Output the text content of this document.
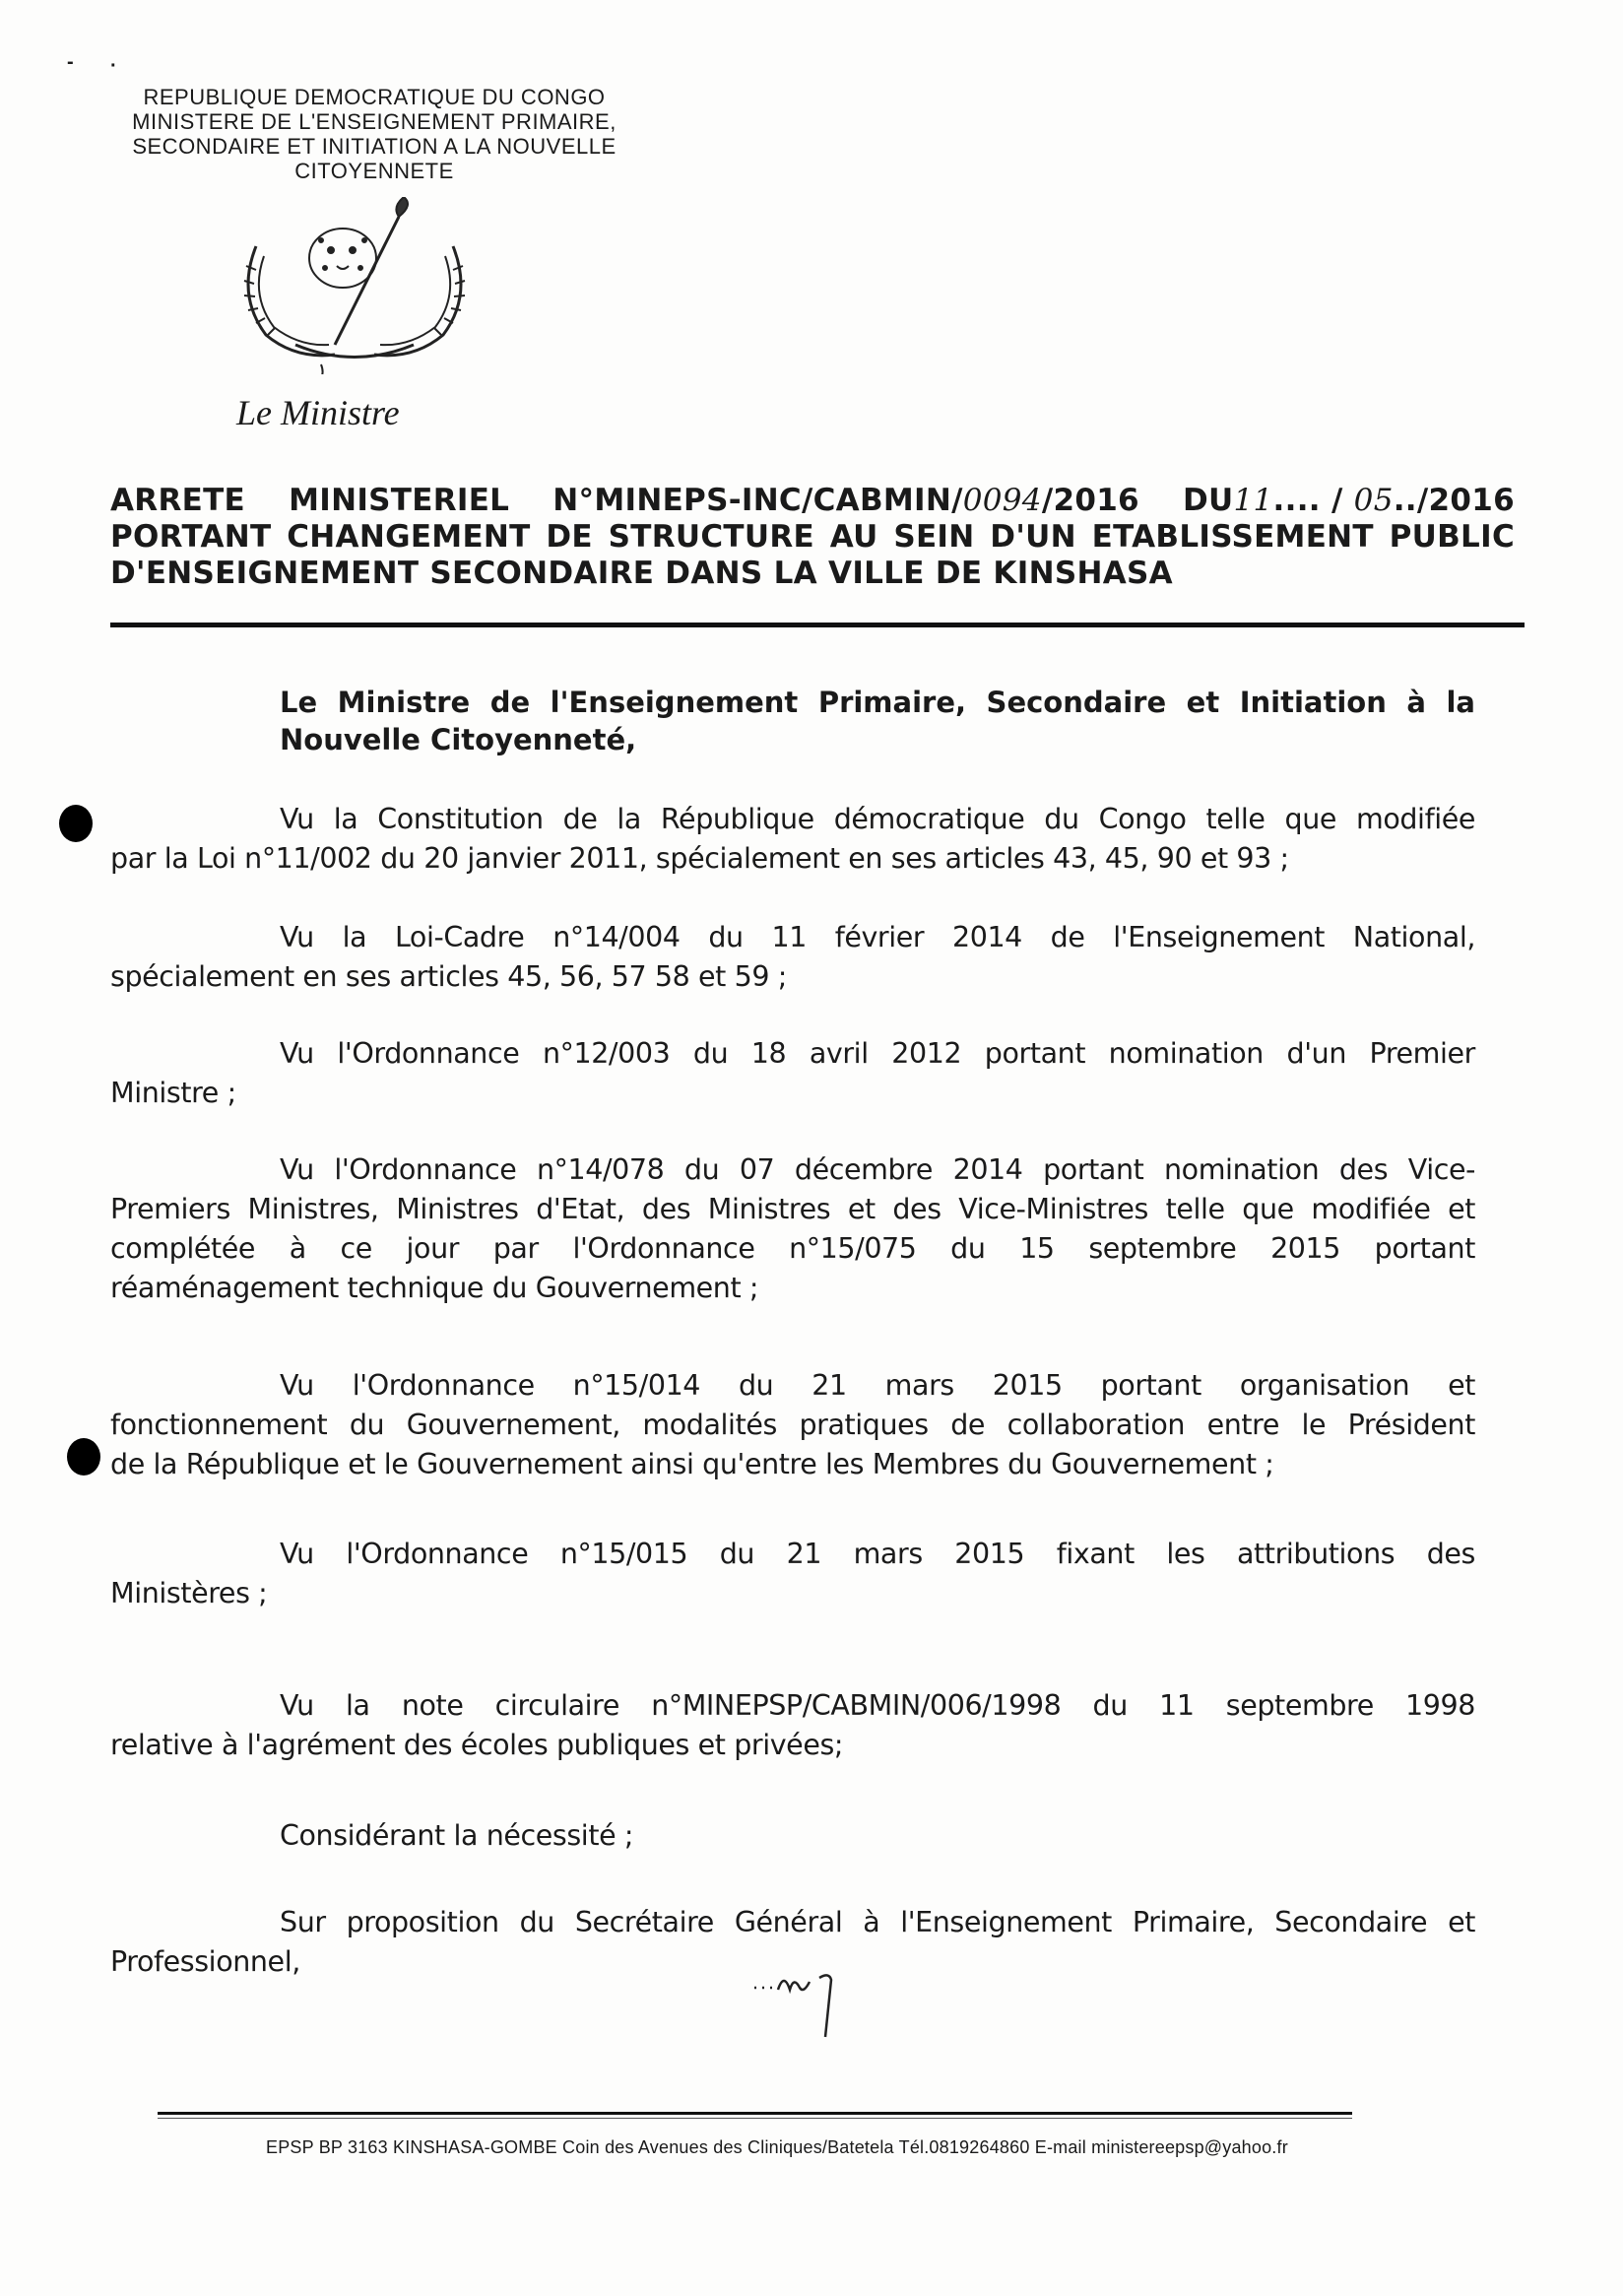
- ·
REPUBLIQUE DEMOCRATIQUE DU CONGO
MINISTERE DE L'ENSEIGNEMENT PRIMAIRE,
SECONDAIRE ET INITIATION A LA NOUVELLE
CITOYENNETE
Le Ministre
ARRETE MINISTERIEL N°MINEPS-INC/CABMIN/0094/2016 DU11.... / 05../2016
PORTANT CHANGEMENT DE STRUCTURE AU SEIN D'UN ETABLISSEMENT PUBLIC
D'ENSEIGNEMENT SECONDAIRE DANS LA VILLE DE KINSHASA
Le Ministre de l'Enseignement Primaire, Secondaire et Initiation à la
Nouvelle Citoyenneté,
Vu la Constitution de la République démocratique du Congo telle que modifiée
par la Loi n°11/002 du 20 janvier 2011, spécialement en ses articles 43, 45, 90 et 93 ;
Vu la Loi-Cadre n°14/004 du 11 février 2014 de l'Enseignement National,
spécialement en ses articles 45, 56, 57 58 et 59 ;
Vu l'Ordonnance n°12/003 du 18 avril 2012 portant nomination d'un Premier
Ministre ;
Vu l'Ordonnance n°14/078 du 07 décembre 2014 portant nomination des Vice-
Premiers Ministres, Ministres d'Etat, des Ministres et des Vice-Ministres telle que modifiée et
complétée à ce jour par l'Ordonnance n°15/075 du 15 septembre 2015 portant
réaménagement technique du Gouvernement ;
Vu l'Ordonnance n°15/014 du 21 mars 2015 portant organisation et
fonctionnement du Gouvernement, modalités pratiques de collaboration entre le Président
de la République et le Gouvernement ainsi qu'entre les Membres du Gouvernement ;
Vu l'Ordonnance n°15/015 du 21 mars 2015 fixant les attributions des
Ministères ;
Vu la note circulaire n°MINEPSP/CABMIN/006/1998 du 11 septembre 1998
relative à l'agrément des écoles publiques et privées;
Considérant la nécessité ;
Sur proposition du Secrétaire Général à l'Enseignement Primaire, Secondaire et
Professionnel,
EPSP BP 3163 KINSHASA-GOMBE Coin des Avenues des Cliniques/Batetela Tél.0819264860 E-mail ministereepsp@yahoo.fr
